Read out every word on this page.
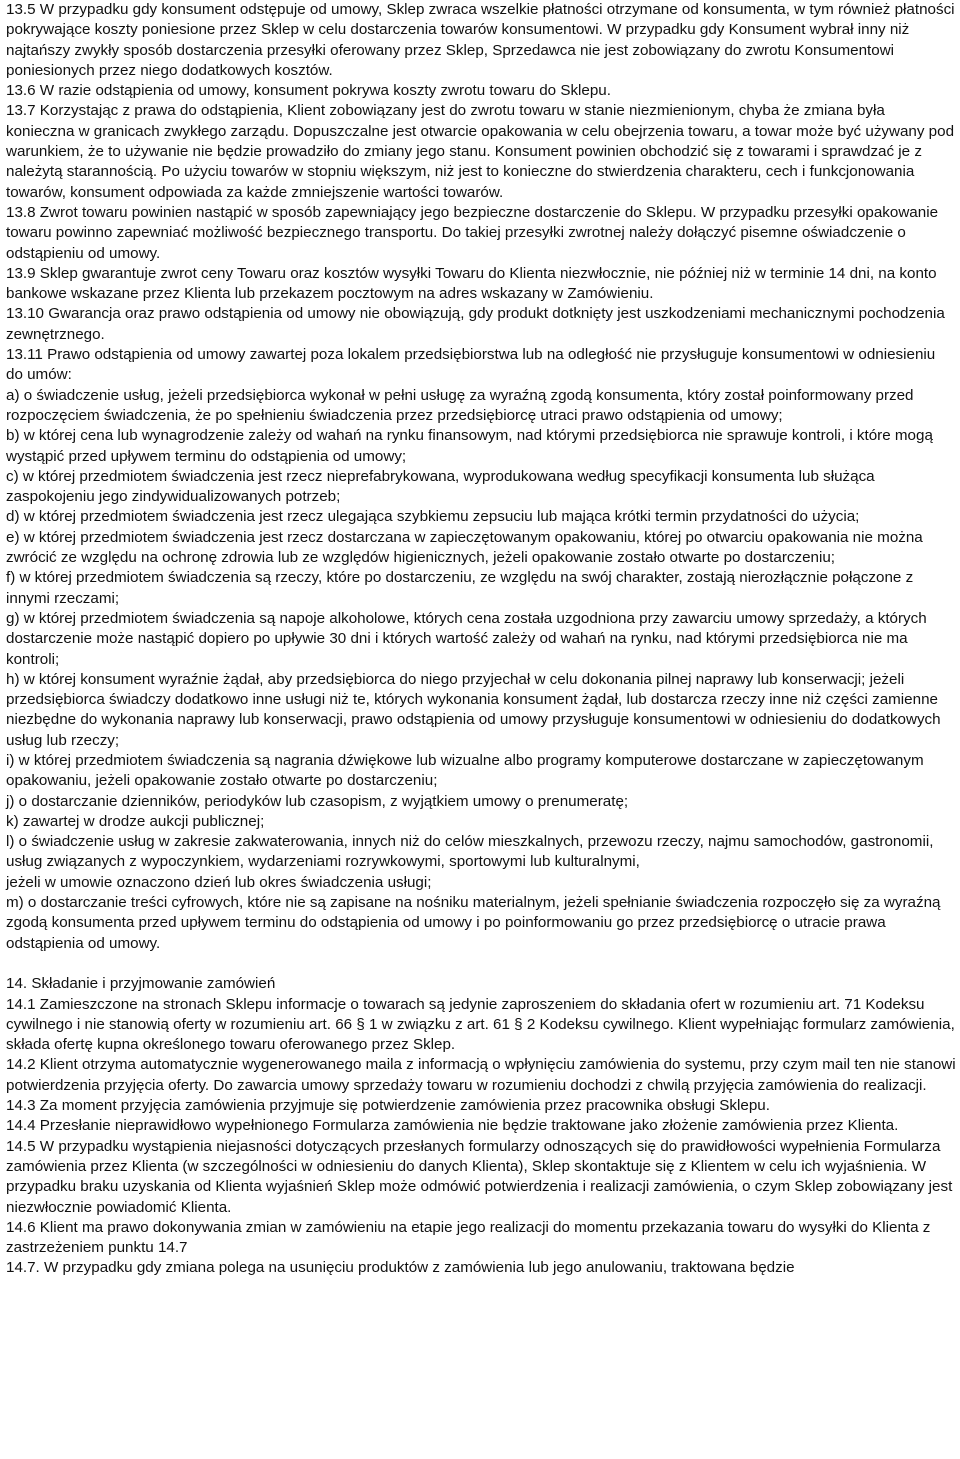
13.5 W przypadku gdy konsument odstępuje od umowy, Sklep zwraca wszelkie płatności otrzymane od konsumenta, w tym również płatności pokrywające koszty poniesione przez Sklep w celu dostarczenia towarów konsumentowi. W przypadku gdy Konsument wybrał inny niż najtańszy zwykły sposób dostarczenia przesyłki oferowany przez Sklep, Sprzedawca nie jest zobowiązany do zwrotu Konsumentowi poniesionych przez niego dodatkowych kosztów.

13.6 W razie odstąpienia od umowy, konsument pokrywa koszty zwrotu towaru do Sklepu.

13.7 Korzystając z prawa do odstąpienia, Klient zobowiązany jest do zwrotu towaru w stanie niezmienionym, chyba że zmiana była konieczna w granicach zwykłego zarządu. Dopuszczalne jest otwarcie opakowania w celu obejrzenia towaru, a towar może być używany pod warunkiem, że to używanie nie będzie prowadziło do zmiany jego stanu. Konsument powinien obchodzić się z towarami i sprawdzać je z należytą starannością. Po użyciu towarów w stopniu większym, niż jest to konieczne do stwierdzenia charakteru, cech i funkcjonowania towarów, konsument odpowiada za każde zmniejszenie wartości towarów.

13.8 Zwrot towaru powinien nastąpić w sposób zapewniający jego bezpieczne dostarczenie do Sklepu. W przypadku przesyłki opakowanie towaru powinno zapewniać możliwość bezpiecznego transportu. Do takiej przesyłki zwrotnej należy dołączyć pisemne oświadczenie o odstąpieniu od umowy.

13.9 Sklep gwarantuje zwrot ceny Towaru oraz kosztów wysyłki Towaru do Klienta niezwłocznie, nie później niż w terminie 14 dni, na konto bankowe wskazane przez Klienta lub przekazem pocztowym na adres wskazany w Zamówieniu.

13.10 Gwarancja oraz prawo odstąpienia od umowy nie obowiązują, gdy produkt dotknięty jest uszkodzeniami mechanicznymi pochodzenia zewnętrznego.

13.11 Prawo odstąpienia od umowy zawartej poza lokalem przedsiębiorstwa lub na odległość nie przysługuje konsumentowi w odniesieniu do umów:

a) o świadczenie usług, jeżeli przedsiębiorca wykonał w pełni usługę za wyraźną zgodą konsumenta, który został poinformowany przed rozpoczęciem świadczenia, że po spełnieniu świadczenia przez przedsiębiorcę utraci prawo odstąpienia od umowy;

b) w której cena lub wynagrodzenie zależy od wahań na rynku finansowym, nad którymi przedsiębiorca nie sprawuje kontroli, i które mogą wystąpić przed upływem terminu do odstąpienia od umowy;

c) w której przedmiotem świadczenia jest rzecz nieprefabrykowana, wyprodukowana według specyfikacji konsumenta lub służąca zaspokojeniu jego zindywidualizowanych potrzeb;

d) w której przedmiotem świadczenia jest rzecz ulegająca szybkiemu zepsuciu lub mająca krótki termin przydatności do użycia;

e) w której przedmiotem świadczenia jest rzecz dostarczana w zapieczętowanym opakowaniu, której po otwarciu opakowania nie można zwrócić ze względu na ochronę zdrowia lub ze względów higienicznych, jeżeli opakowanie zostało otwarte po dostarczeniu;

f) w której przedmiotem świadczenia są rzeczy, które po dostarczeniu, ze względu na swój charakter, zostają nierozłącznie połączone z innymi rzeczami;

g) w której przedmiotem świadczenia są napoje alkoholowe, których cena została uzgodniona przy zawarciu umowy sprzedaży, a których dostarczenie może nastąpić dopiero po upływie 30 dni i których wartość zależy od wahań na rynku, nad którymi przedsiębiorca nie ma kontroli;

h) w której konsument wyraźnie żądał, aby przedsiębiorca do niego przyjechał w celu dokonania pilnej naprawy lub konserwacji; jeżeli przedsiębiorca świadczy dodatkowo inne usługi niż te, których wykonania konsument żądał, lub dostarcza rzeczy inne niż części zamienne niezbędne do wykonania naprawy lub konserwacji, prawo odstąpienia od umowy przysługuje konsumentowi w odniesieniu do dodatkowych usług lub rzeczy;

i) w której przedmiotem świadczenia są nagrania dźwiękowe lub wizualne albo programy komputerowe dostarczane w zapieczętowanym opakowaniu, jeżeli opakowanie zostało otwarte po dostarczeniu;

j) o dostarczanie dzienników, periodyków lub czasopism, z wyjątkiem umowy o prenumeratę;

k) zawartej w drodze aukcji publicznej;

l) o świadczenie usług w zakresie zakwaterowania, innych niż do celów mieszkalnych, przewozu rzeczy, najmu samochodów, gastronomii, usług związanych z wypoczynkiem, wydarzeniami rozrywkowymi, sportowymi lub kulturalnymi,

jeżeli w umowie oznaczono dzień lub okres świadczenia usługi;

m) o dostarczanie treści cyfrowych, które nie są zapisane na nośniku materialnym, jeżeli spełnianie świadczenia rozpoczęło się za wyraźną zgodą konsumenta przed upływem terminu do odstąpienia od umowy i po poinformowaniu go przez przedsiębiorcę o utracie prawa odstąpienia od umowy.

14. Składanie i przyjmowanie zamówień

14.1 Zamieszczone na stronach Sklepu informacje o towarach są jedynie zaproszeniem do składania ofert w rozumieniu art. 71 Kodeksu cywilnego i nie stanowią oferty w rozumieniu art. 66 § 1 w związku z art. 61 § 2 Kodeksu cywilnego. Klient wypełniając formularz zamówienia, składa ofertę kupna określonego towaru oferowanego przez Sklep.

14.2 Klient otrzyma automatycznie wygenerowanego maila z informacją o wpłynięciu zamówienia do systemu, przy czym mail ten nie stanowi potwierdzenia przyjęcia oferty. Do zawarcia umowy sprzedaży towaru w rozumieniu dochodzi z chwilą przyjęcia zamówienia do realizacji.

14.3 Za moment przyjęcia zamówienia przyjmuje się potwierdzenie zamówienia przez pracownika obsługi Sklepu.

14.4 Przesłanie nieprawidłowo wypełnionego Formularza zamówienia nie będzie traktowane jako złożenie zamówienia przez Klienta.

14.5 W przypadku wystąpienia niejasności dotyczących przesłanych formularzy odnoszących się do prawidłowości wypełnienia Formularza zamówienia przez Klienta (w szczególności w odniesieniu do danych Klienta), Sklep skontaktuje się z Klientem w celu ich wyjaśnienia. W przypadku braku uzyskania od Klienta wyjaśnień Sklep może odmówić potwierdzenia i realizacji zamówienia, o czym Sklep zobowiązany jest niezwłocznie powiadomić Klienta.

14.6 Klient ma prawo dokonywania zmian w zamówieniu na etapie jego realizacji do momentu przekazania towaru do wysyłki do Klienta z zastrzeżeniem punktu 14.7

14.7. W przypadku gdy zmiana polega na usunięciu produktów z zamówienia lub jego anulowaniu, traktowana będzie
